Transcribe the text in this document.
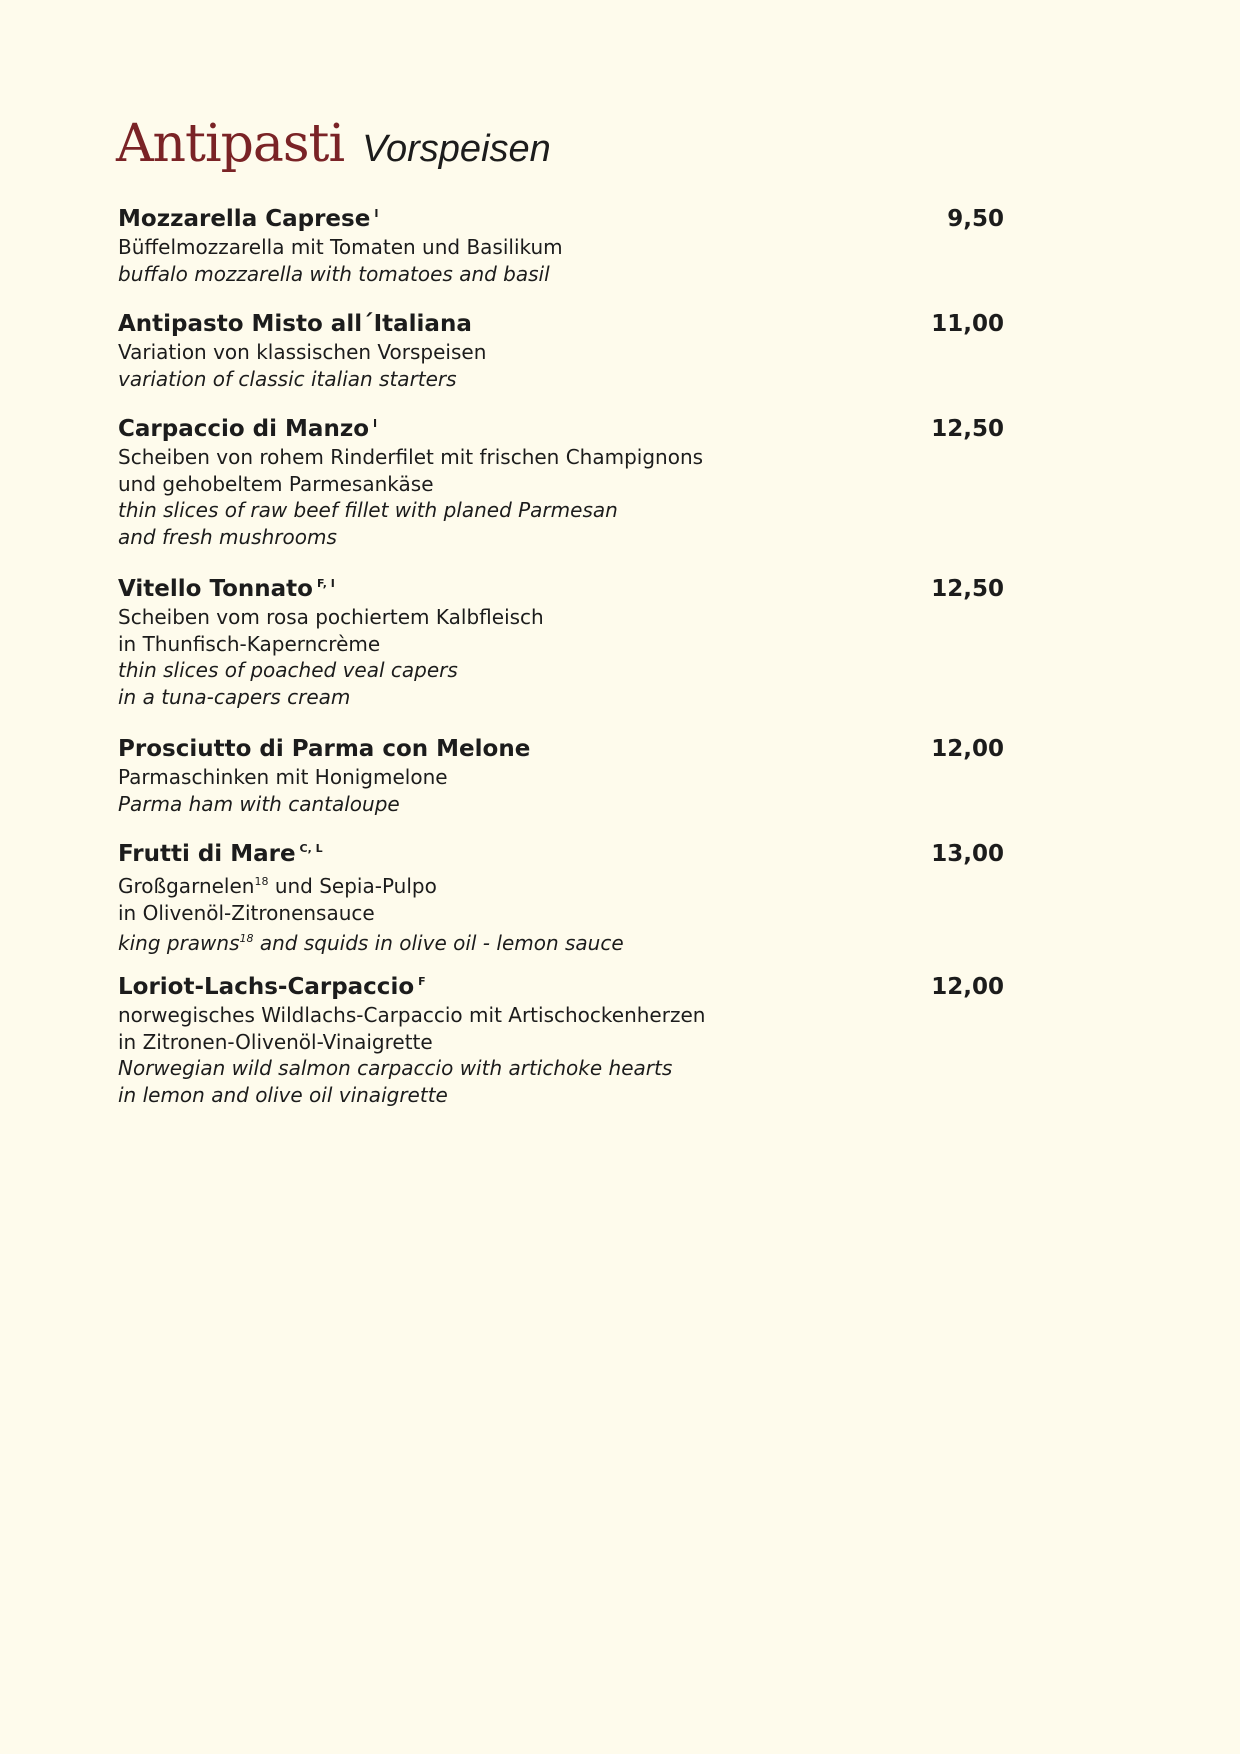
Antipasti Vorspeisen
Mozzarella Caprese $^I$	9,50
Büffelmozzarella mit Tomaten und Basilikum
buffalo mozzarella with tomatoes and basil
Antipasto Misto all´Italiana	11,00
Variation von klassischen Vorspeisen
variation of classic italian starters
Carpaccio di Manzo $^I$	12,50
Scheiben von rohem Rinderfilet mit frischen Champignons
und gehobeltem Parmesankäse
thin slices of raw beef fillet with planed Parmesan
and fresh mushrooms
Vitello Tonnato $^{F, I}$	12,50
Scheiben vom rosa pochiertem Kalbfleisch
in Thunfisch-Kaperncrème
thin slices of poached veal capers
in a tuna-capers cream
Prosciutto di Parma con Melone	12,00
Parmaschinken mit Honigmelone
Parma ham with cantaloupe
Frutti di Mare $^{C, L}$	13,00
Großgarnelen$^{18}$ und Sepia-Pulpo
in Olivenöl-Zitronensauce
king prawns$^{18}$ and squids in olive oil - lemon sauce
Loriot-Lachs-Carpaccio $^F$	12,00
norwegisches Wildlachs-Carpaccio mit Artischockenherzen
in Zitronen-Olivenöl-Vinaigrette
Norwegian wild salmon carpaccio with artichoke hearts
in lemon and olive oil vinaigrette
